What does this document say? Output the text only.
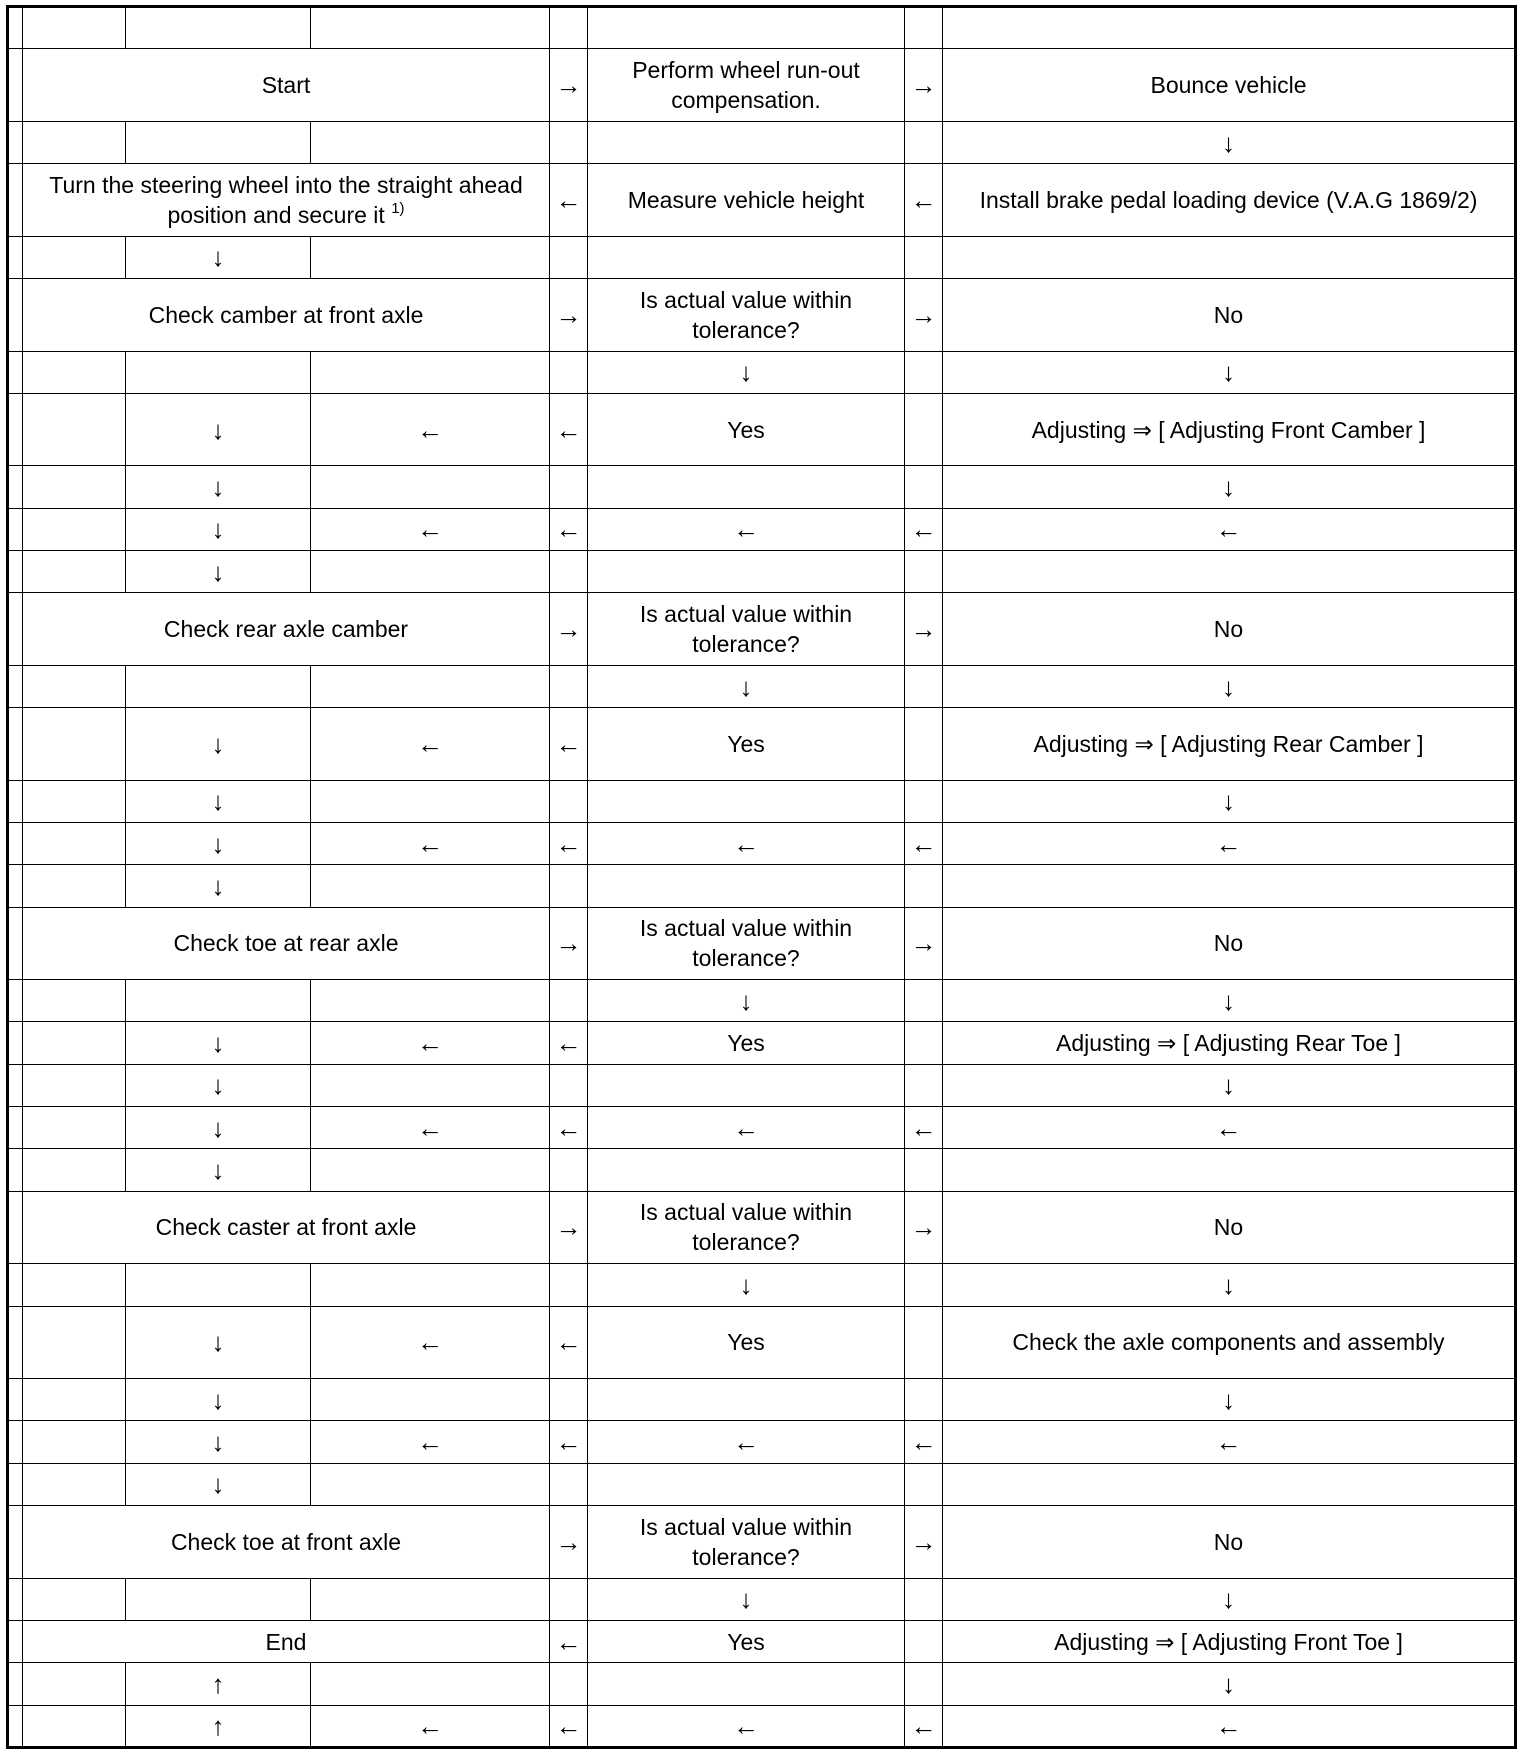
	Start			→	Perform wheel run-out compensation.	→	Bounce vehicle
							↓
	Turn the steering wheel into the straight ahead position and secure it $^{1)}$			←	Measure vehicle height	←	Install brake pedal loading device (V.A.G 1869/2)
		↓					
	Check camber at front axle			→	Is actual value within tolerance?	→	No
					↓		↓
		↓	←	←	Yes		Adjusting ⇒ [ Adjusting Front Camber ]
		↓					↓
		↓	←	←	←	←	←
		↓					
	Check rear axle camber			→	Is actual value within tolerance?	→	No
					↓		↓
		↓	←	←	Yes		Adjusting ⇒ [ Adjusting Rear Camber ]
		↓					↓
		↓	←	←	←	←	←
		↓					
	Check toe at rear axle			→	Is actual value within tolerance?	→	No
					↓		↓
		↓	←	←	Yes		Adjusting ⇒ [ Adjusting Rear Toe ]
		↓					↓
		↓	←	←	←	←	←
		↓					
	Check caster at front axle			→	Is actual value within tolerance?	→	No
					↓		↓
		↓	←	←	Yes		Check the axle components and assembly
		↓					↓
		↓	←	←	←	←	←
		↓					
	Check toe at front axle			→	Is actual value within tolerance?	→	No
					↓		↓
	End			←	Yes		Adjusting ⇒ [ Adjusting Front Toe ]
		↑					↓
		↑	←	←	←	←	←
